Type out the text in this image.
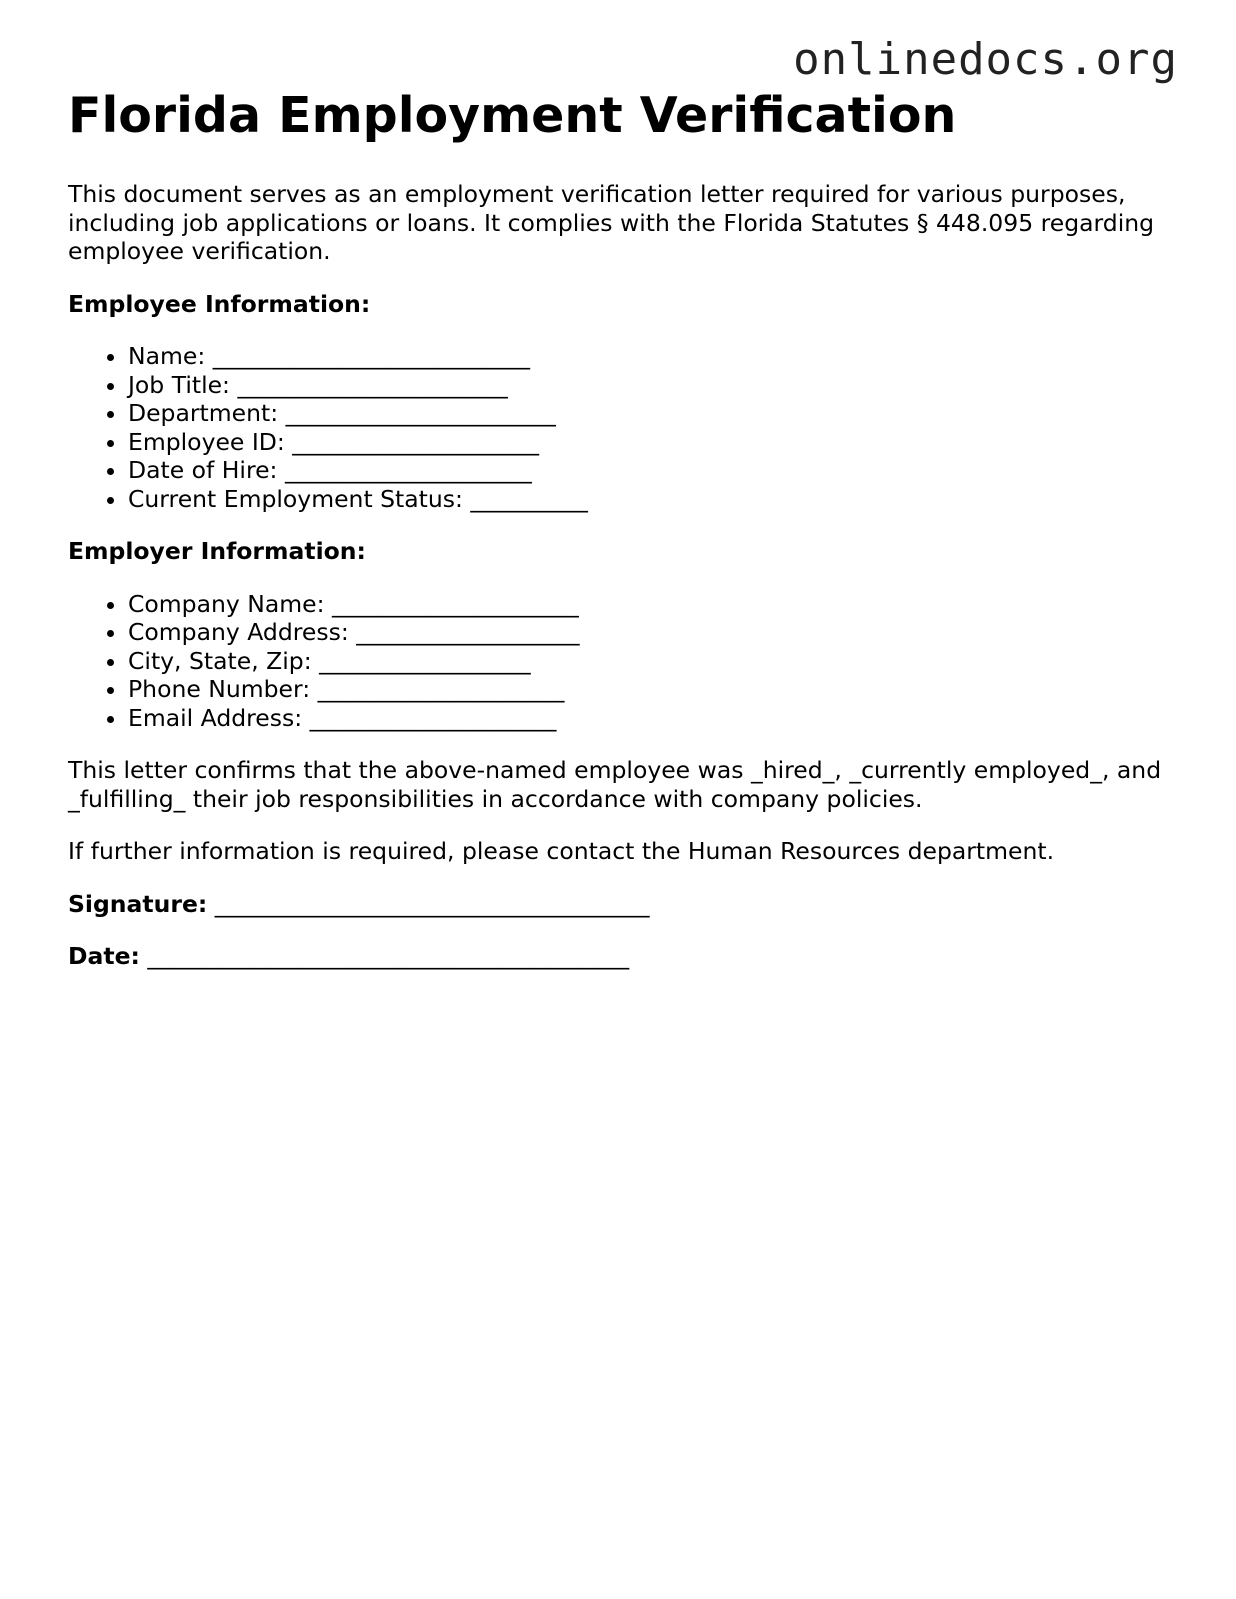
onlinedocs.org
Florida Employment Verification

This document serves as an employment verification letter required for various purposes, including job applications or loans. It complies with the Florida Statutes § 448.095 regarding employee verification.

Employee Information:
• Name: ___________________________
• Job Title: _______________________
• Department: _______________________
• Employee ID: _____________________
• Date of Hire: _____________________
• Current Employment Status: __________
Employer Information:
• Company Name: _____________________
• Company Address: ___________________
• City, State, Zip: __________________
• Phone Number: _____________________
• Email Address: _____________________

This letter confirms that the above-named employee was _hired_, _currently employed_, and _fulfilling_ their job responsibilities in accordance with company policies.

If further information is required, please contact the Human Resources department.

Signature: _____________________________________
Date: _________________________________________
